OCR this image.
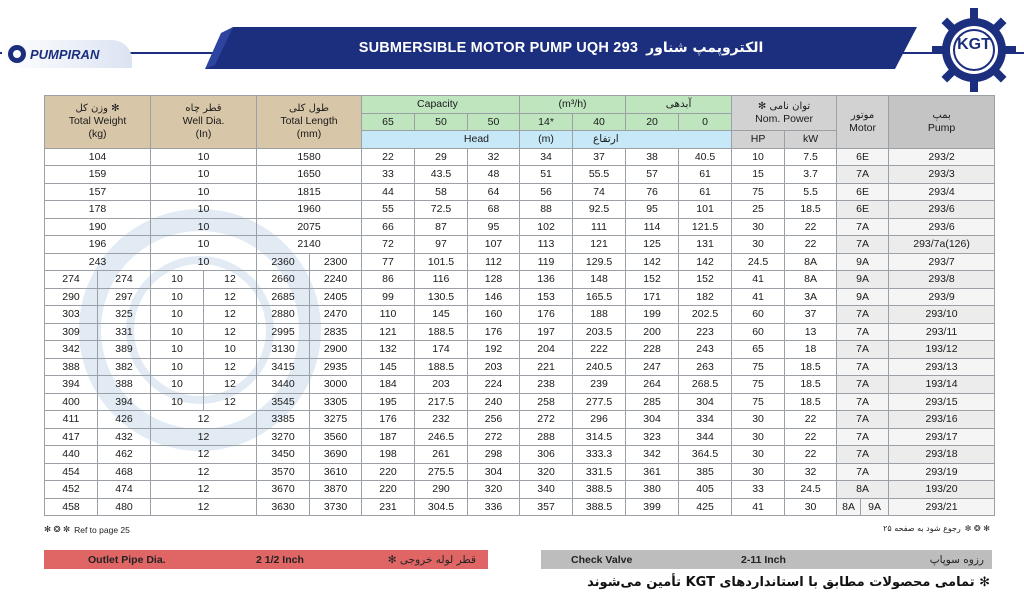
PUMPIRAN	SUBMERSIBLE MOTOR PUMP UQH 293 الکتروپمپ شناور	KGT
وزن کل ✻
Total Weight
(kg)		قطر چاه
Well Dia.
(In)		طول کلی
Total Length
(mm)		Capacity			(m³/h)		آبدهی		✻ توان نامی
Nom. Power		موتور
Motor		بمپ
Pump

						65	50	50	14*	40	20	0					
						Head			(m)	ارتفاع			HP	kW			
104		10		1580		22	29	32	34	37	38	40.5	10	7.5	6E		293/2
159		10		1650		33	43.5	48	51	55.5	57	61	15	3.7	7A		293/3
157		10		1815		44	58	64	56	74	76	61	75	5.5	6E		293/4
178		10		1960		55	72.5	68	88	92.5	95	101	25	18.5	6E		293/6
190		10		2075		66	87	95	102	111	114	121.5	30	22	7A		293/6
196		10		2140		72	97	107	113	121	125	131	30	22	7A		293/7a(126)
243		10		2360	2300	77	101.5	112	119	129.5	142	142	24.5	8A	9A		293/7
274	274	10	12	2660	2240	86	116	128	136	148	152	152	41	8A	9A		293/8
290	297	10	12	2685	2405	99	130.5	146	153	165.5	171	182	41	3A	9A		293/9
303	325	10	12	2880	2470	110	145	160	176	188	199	202.5	60	37	7A		293/10
309	331	10	12	2995	2835	121	188.5	176	197	203.5	200	223	60	13	7A		293/11
342	389	10	10	3130	2900	132	174	192	204	222	228	243	65	18	7A		193/12
388	382	10	12	3415	2935	145	188.5	203	221	240.5	247	263	75	18.5	7A		293/13
394	388	10	12	3440	3000	184	203	224	238	239	264	268.5	75	18.5	7A		193/14
400	394	10	12	3545	3305	195	217.5	240	258	277.5	285	304	75	18.5	7A		293/15
411	426	12		3385	3275	176	232	256	272	296	304	334	30	22	7A		293/16
417	432	12		3270	3560	187	246.5	272	288	314.5	323	344	30	22	7A		293/17
440	462	12		3450	3690	198	261	298	306	333.3	342	364.5	30	22	7A		293/18
454	468	12		3570	3610	220	275.5	304	320	331.5	361	385	30	32	7A		293/19
452	474	12		3670	3870	220	290	320	340	388.5	380	405	33	24.5	8A		193/20
458	480	12		3630	3730	231	304.5	336	357	388.5	399	425	41	30	8A	9A	293/21
✻ ❂ ✼ Ref to page 25	رجوع شود به صفحه ۲۵ ✼ ❂ ✻
Outlet Pipe Dia.	2 1/2 Inch	✻ قطر لوله خروجی	Check Valve	2-11 Inch	رزوه سوپاپ
✻ تمامی محصولات مطابق با استانداردهای KGT تأمین می‌شوند
